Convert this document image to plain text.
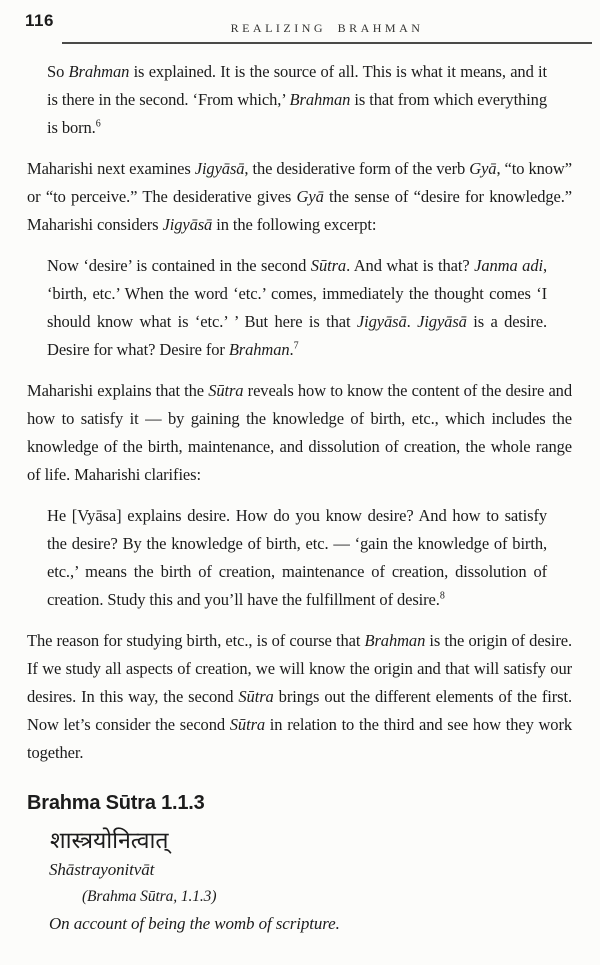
116	REALIZING BRAHMAN

So Brahman is explained. It is the source of all. This is what it means, and it is there in the second. ‘From which,’ Brahman is that from which everything is born.$^6$

Maharishi next examines Jigyāsā, the desiderative form of the verb Gyā, “to know” or “to perceive.” The desiderative gives Gyā the sense of “desire for knowledge.” Maharishi considers Jigyāsā in the following excerpt:

Now ‘desire’ is contained in the second Sūtra. And what is that? Janma adi, ‘birth, etc.’ When the word ‘etc.’ comes, immediately the thought comes ‘I should know what is ‘etc.’ ’ But here is that Jigyāsā. Jigyāsā is a desire. Desire for what? Desire for Brahman.$^7$

Maharishi explains that the Sūtra reveals how to know the content of the desire and how to satisfy it — by gaining the knowledge of birth, etc., which includes the knowledge of the birth, maintenance, and dissolution of creation, the whole range of life. Maharishi clarifies:

He [Vyāsa] explains desire. How do you know desire? And how to satisfy the desire? By the knowledge of birth, etc. — ‘gain the knowledge of birth, etc.,’ means the birth of creation, maintenance of creation, dissolution of creation. Study this and you’ll have the fulfillment of desire.$^8$

The reason for studying birth, etc., is of course that Brahman is the origin of desire. If we study all aspects of creation, we will know the origin and that will satisfy our desires. In this way, the second Sūtra brings out the different elements of the first. Now let’s consider the second Sūtra in relation to the third and see how they work together.

Brahma Sūtra 1.1.3
शास्त्रयोनित्वात्
Shāstrayonitvāt
(Brahma Sūtra, 1.1.3)
On account of being the womb of scripture.
